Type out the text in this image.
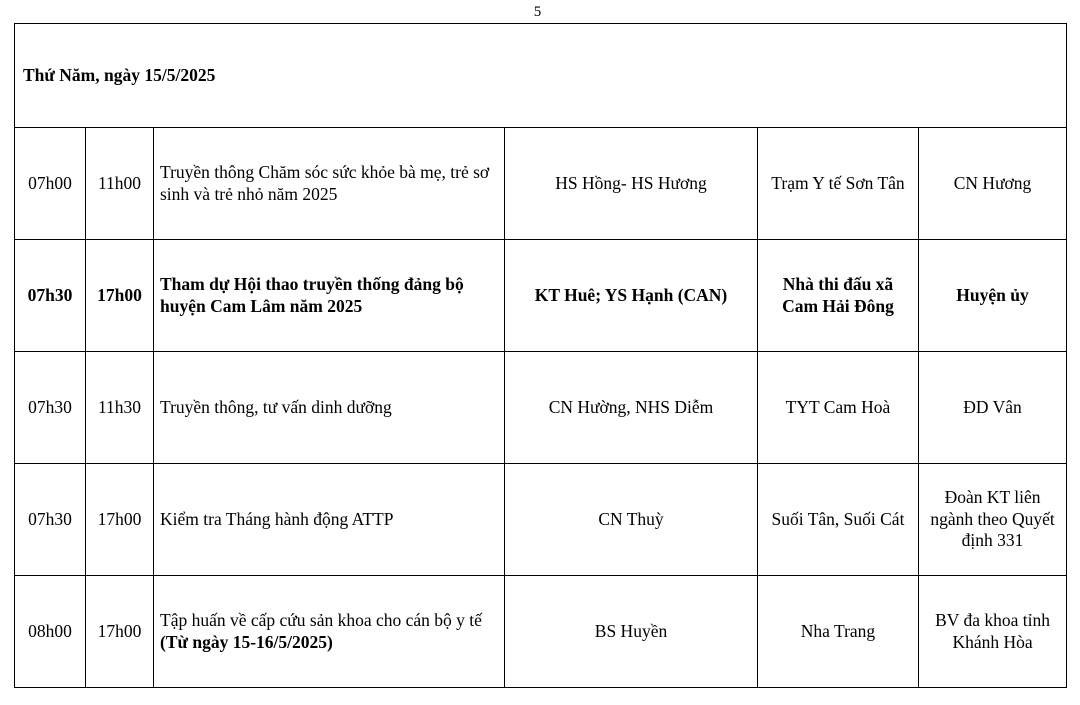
5
Thứ Năm, ngày 15/5/2025					
07h00	11h00	Truyền thông Chăm sóc sức khỏe bà mẹ, trẻ sơ sinh và trẻ nhỏ năm 2025	HS Hồng- HS Hương	Trạm Y tế Sơn Tân	CN Hương
07h30	17h00	Tham dự Hội thao truyền thống đảng bộ huyện Cam Lâm năm 2025	KT Huê; YS Hạnh (CAN)	Nhà thi đấu xã Cam Hải Đông	Huyện ủy
07h30	11h30	Truyền thông, tư vấn dinh dưỡng	CN Hường, NHS Diễm	TYT Cam Hoà	ĐD Vân
07h30	17h00	Kiểm tra Tháng hành động ATTP	CN Thuỳ	Suối Tân, Suối Cát	Đoàn KT liên ngành theo Quyết định 331
08h00	17h00	Tập huấn về cấp cứu sản khoa cho cán bộ y tế (Từ ngày 15-16/5/2025)	BS Huyền	Nha Trang	BV đa khoa tỉnh Khánh Hòa
